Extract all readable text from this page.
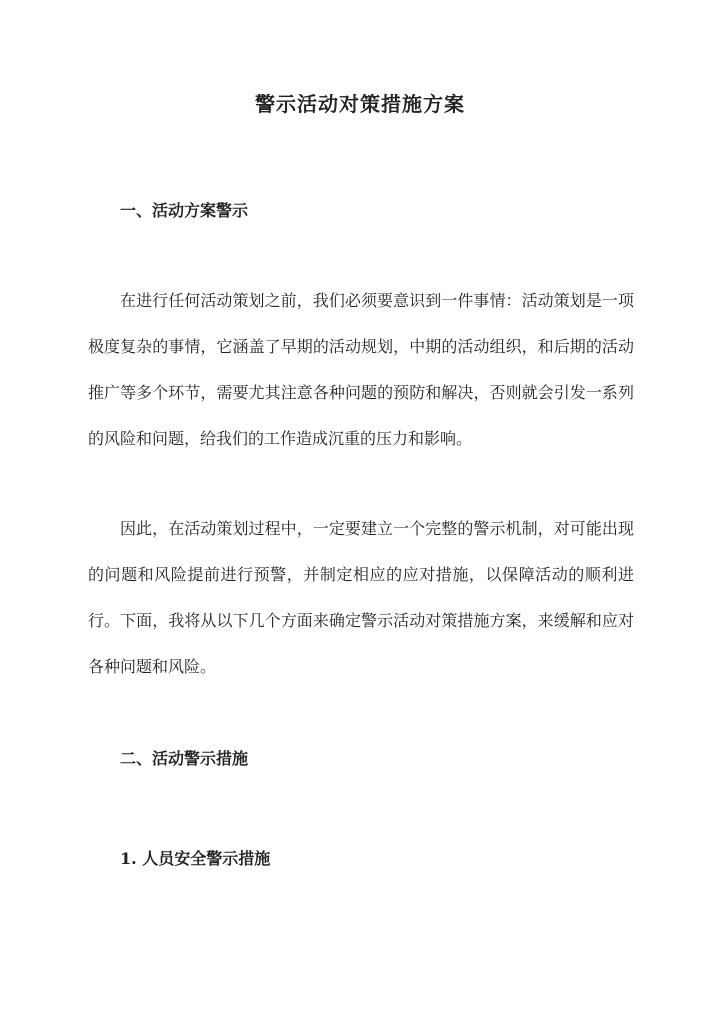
警示活动对策措施方案
一、活动方案警示

在进行任何活动策划之前，我们必须要意识到一件事情：活动策划是一项极度复杂的事情，它涵盖了早期的活动规划，中期的活动组织，和后期的活动推广等多个环节，需要尤其注意各种问题的预防和解决，否则就会引发一系列的风险和问题，给我们的工作造成沉重的压力和影响。

因此，在活动策划过程中，一定要建立一个完整的警示机制，对可能出现的问题和风险提前进行预警，并制定相应的应对措施，以保障活动的顺利进行。下面，我将从以下几个方面来确定警示活动对策措施方案，来缓解和应对各种问题和风险。

二、活动警示措施
1. 人员安全警示措施
